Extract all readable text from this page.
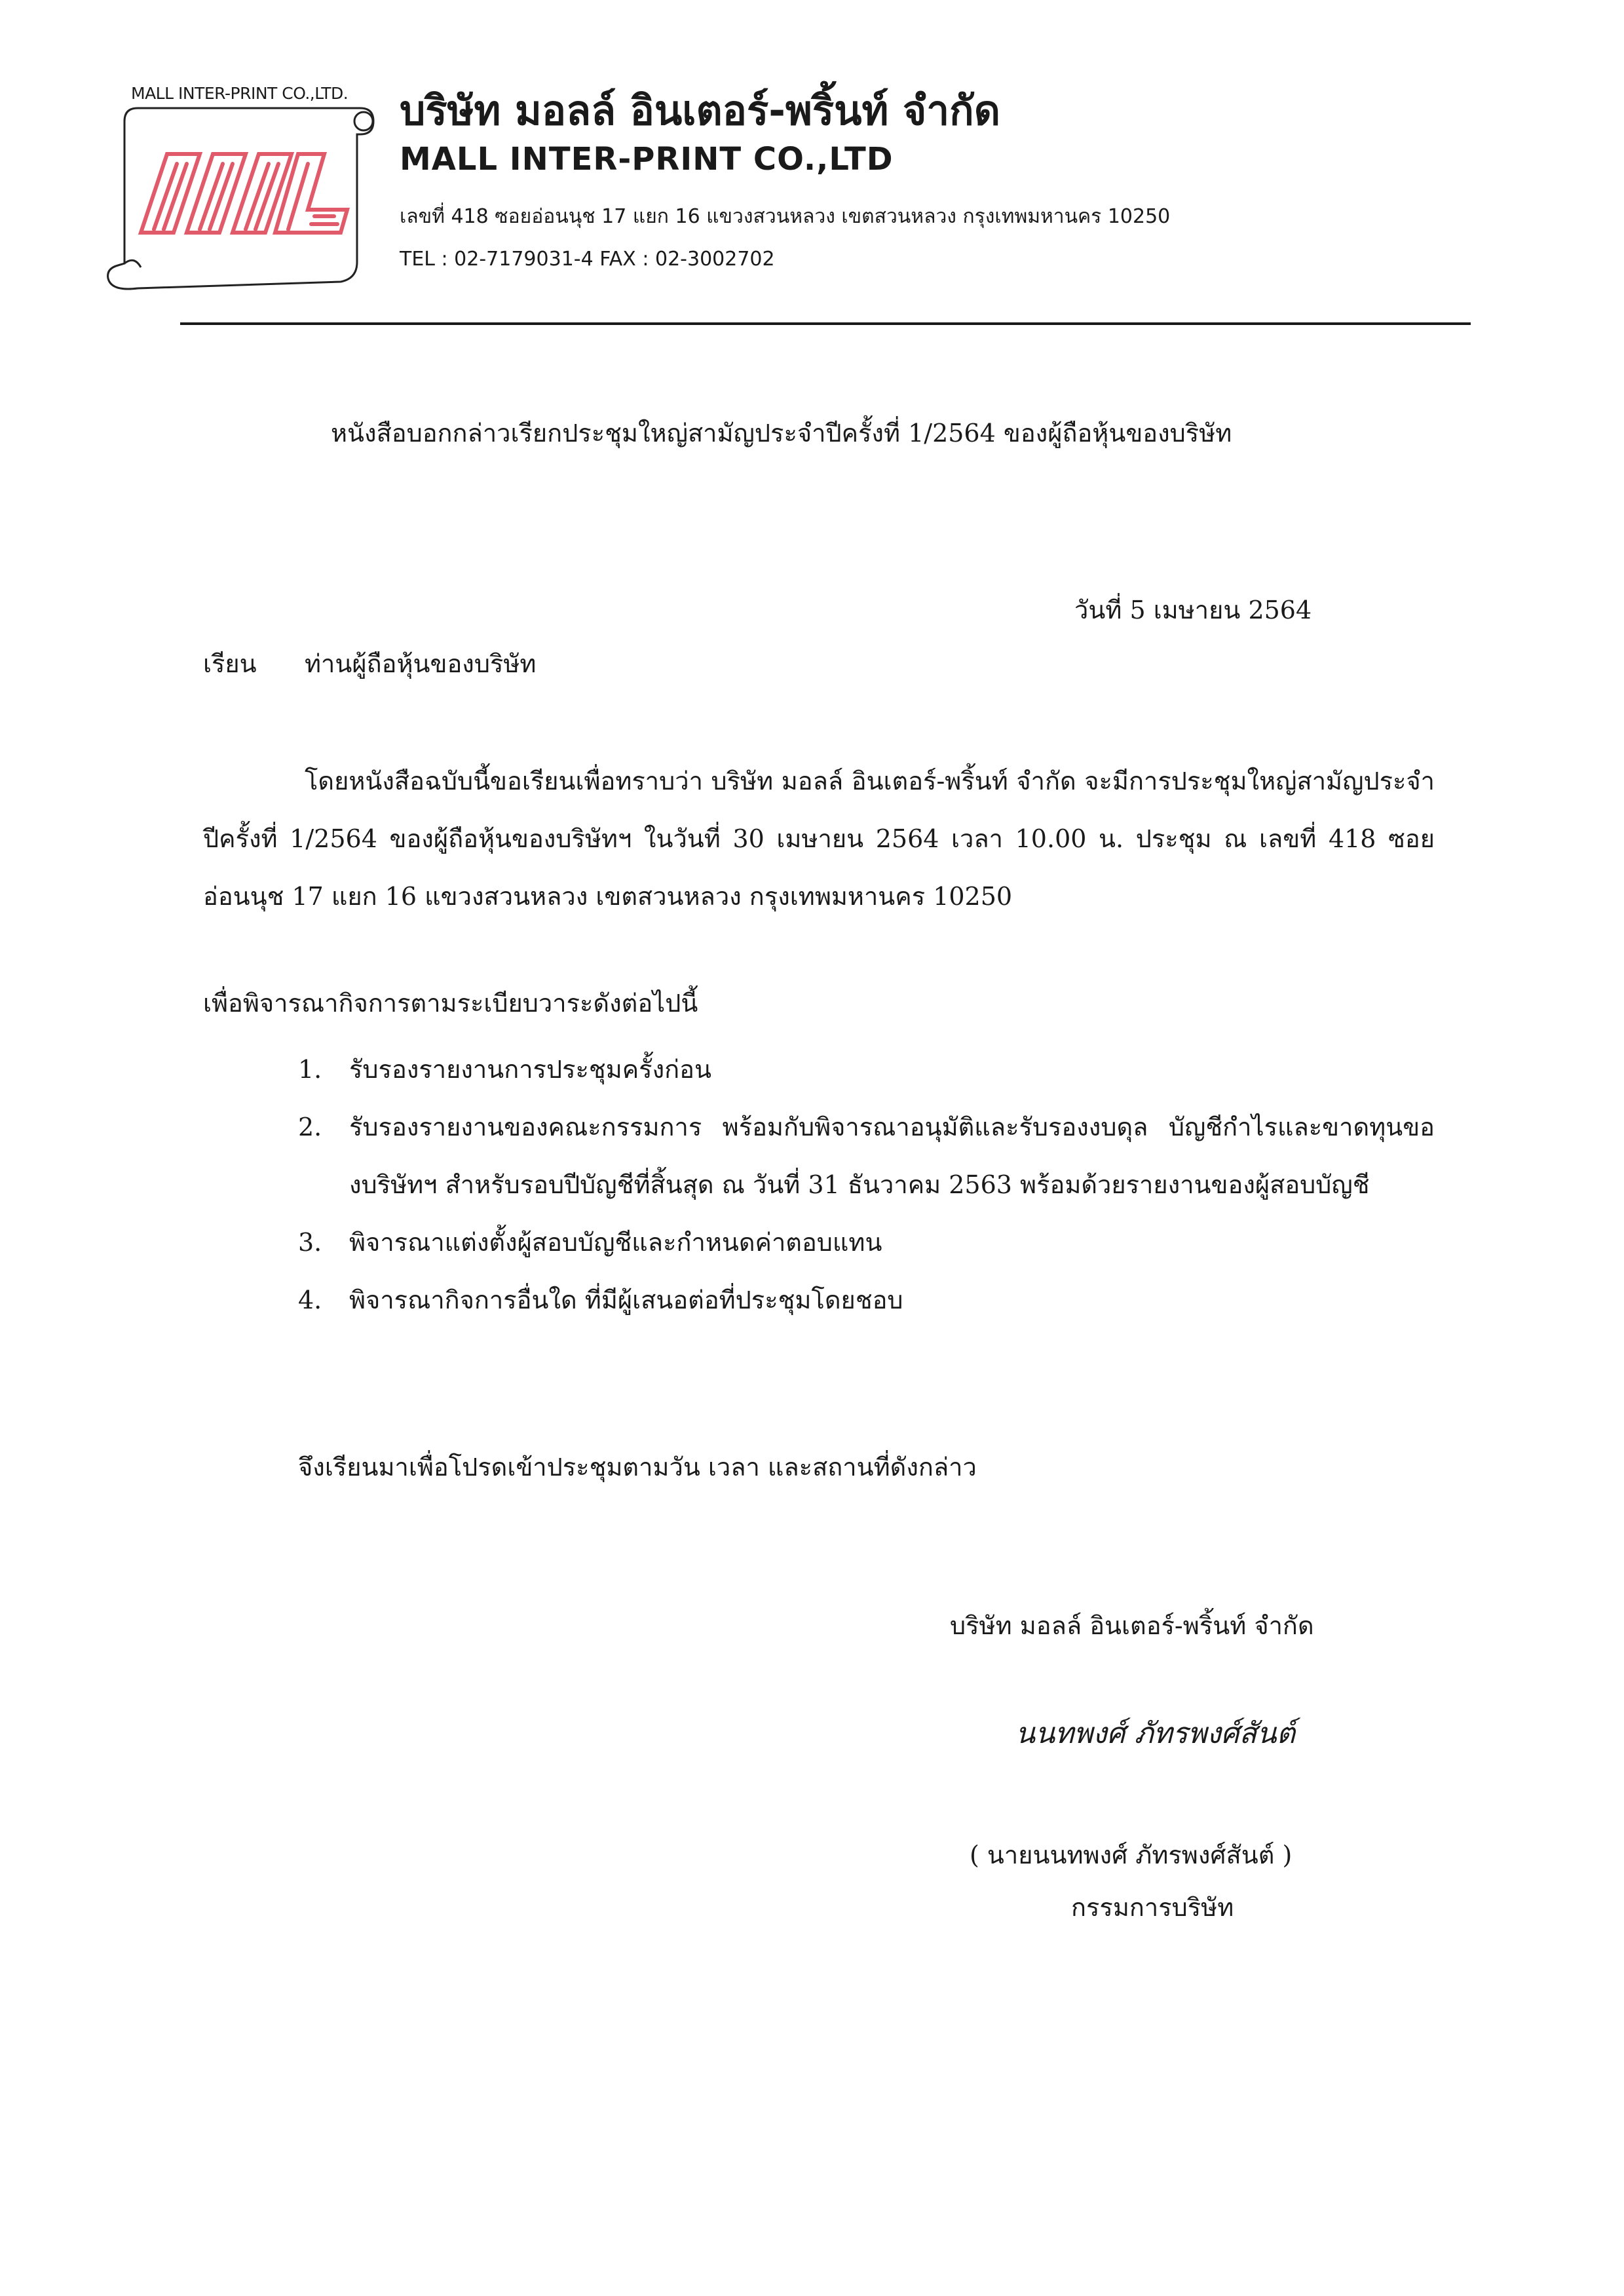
MALL INTER-PRINT CO.,LTD. บริษัท มอลล์ อินเตอร์-พริ้นท์ จำกัด
MALL INTER-PRINT CO.,LTD
เลขที่ 418 ซอยอ่อนนุช 17 แยก 16 แขวงสวนหลวง เขตสวนหลวง กรุงเทพมหานคร 10250
TEL : 02-7179031-4 FAX : 02-3002702
หนังสือบอกกล่าวเรียกประชุมใหญ่สามัญประจำปีครั้งที่ 1/2564 ของผู้ถือหุ้นของบริษัท
วันที่ 5 เมษายน 2564
เรียน ท่านผู้ถือหุ้นของบริษัท
โดยหนังสือฉบับนี้ขอเรียนเพื่อทราบว่า บริษัท มอลล์ อินเตอร์-พริ้นท์ จำกัด จะมีการประชุมใหญ่สามัญประจำปีครั้งที่ 1/2564 ของผู้ถือหุ้นของบริษัทฯ ในวันที่ 30 เมษายน 2564 เวลา 10.00 น. ประชุม ณ เลขที่ 418 ซอยอ่อนนุช 17 แยก 16 แขวงสวนหลวง เขตสวนหลวง กรุงเทพมหานคร 10250
เพื่อพิจารณากิจการตามระเบียบวาระดังต่อไปนี้
1. รับรองรายงานการประชุมครั้งก่อน
2. รับรองรายงานของคณะกรรมการ พร้อมกับพิจารณาอนุมัติและรับรองงบดุล บัญชีกำไรและขาดทุนของบริษัทฯ สำหรับรอบปีบัญชีที่สิ้นสุด ณ วันที่ 31 ธันวาคม 2563 พร้อมด้วยรายงานของผู้สอบบัญชี
3. พิจารณาแต่งตั้งผู้สอบบัญชีและกำหนดค่าตอบแทน
4. พิจารณากิจการอื่นใด ที่มีผู้เสนอต่อที่ประชุมโดยชอบ
จึงเรียนมาเพื่อโปรดเข้าประชุมตามวัน เวลา และสถานที่ดังกล่าว
บริษัท มอลล์ อินเตอร์-พริ้นท์ จำกัด
นนทพงศ์ ภัทรพงศ์สันต์
( นายนนทพงศ์ ภัทรพงศ์สันต์ )
กรรมการบริษัท
